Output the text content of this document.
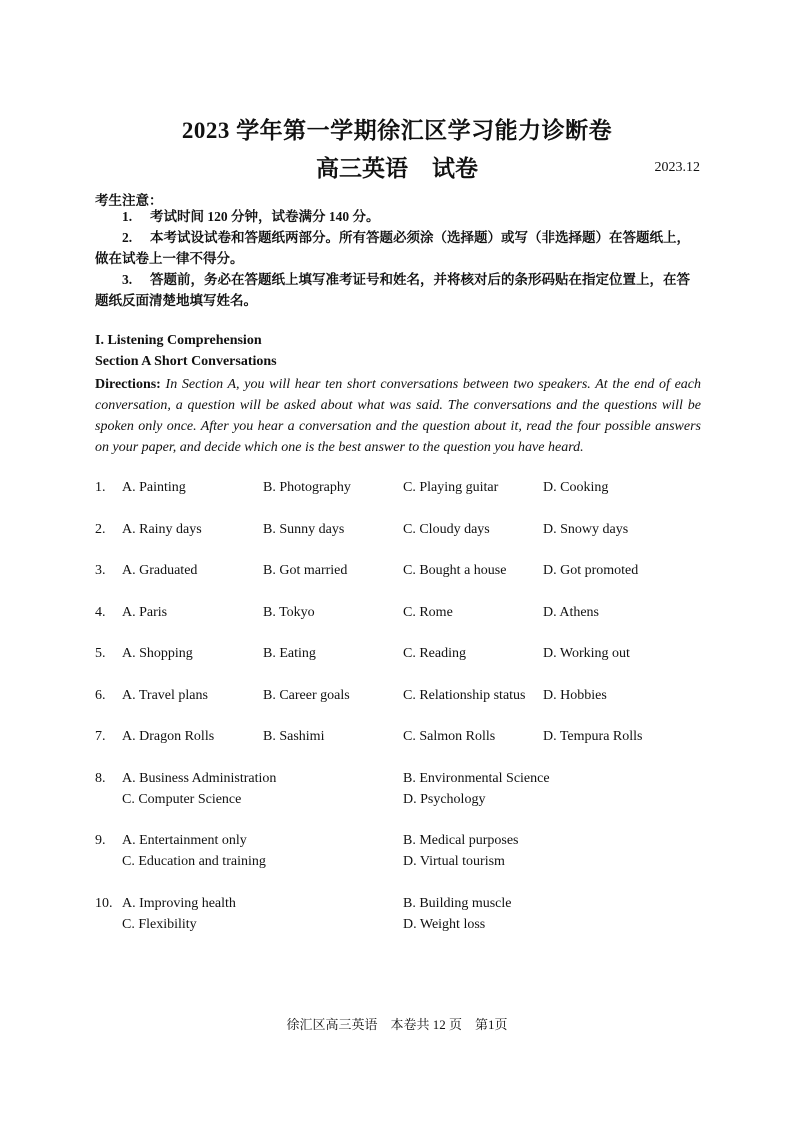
2023 学年第一学期徐汇区学习能力诊断卷
高三英语 试卷	2023.12
考生注意：
1. 考试时间 120 分钟，试卷满分 140 分。
2. 本考试设试卷和答题纸两部分。所有答题必须涂（选择题）或写（非选择题）在答题纸上，做在试卷上一律不得分。
3. 答题前，务必在答题纸上填写准考证号和姓名，并将核对后的条形码贴在指定位置上，在答题纸反面清楚地填写姓名。
I. Listening Comprehension
Section A Short Conversations
Directions: In Section A, you will hear ten short conversations between two speakers. At the end of each conversation, a question will be asked about what was said. The conversations and the questions will be spoken only once. After you hear a conversation and the question about it, read the four possible answers on your paper, and decide which one is the best answer to the question you have heard.
1. A. Painting	B. Photography	C. Playing guitar	D. Cooking
2. A. Rainy days	B. Sunny days	C. Cloudy days	D. Snowy days
3. A. Graduated	B. Got married	C. Bought a house	D. Got promoted
4. A. Paris	B. Tokyo	C. Rome	D. Athens
5. A. Shopping	B. Eating	C. Reading	D. Working out
6. A. Travel plans	B. Career goals	C. Relationship status D. Hobbies
7. A. Dragon Rolls	B. Sashimi	C. Salmon Rolls	D. Tempura Rolls
8. A. Business Administration	B. Environmental Science
C. Computer Science	D. Psychology
9. A. Entertainment only	B. Medical purposes
C. Education and training	D. Virtual tourism
10. A. Improving health	B. Building muscle
C. Flexibility	D. Weight loss
徐汇区高三英语　本卷共 12 页　第1页
